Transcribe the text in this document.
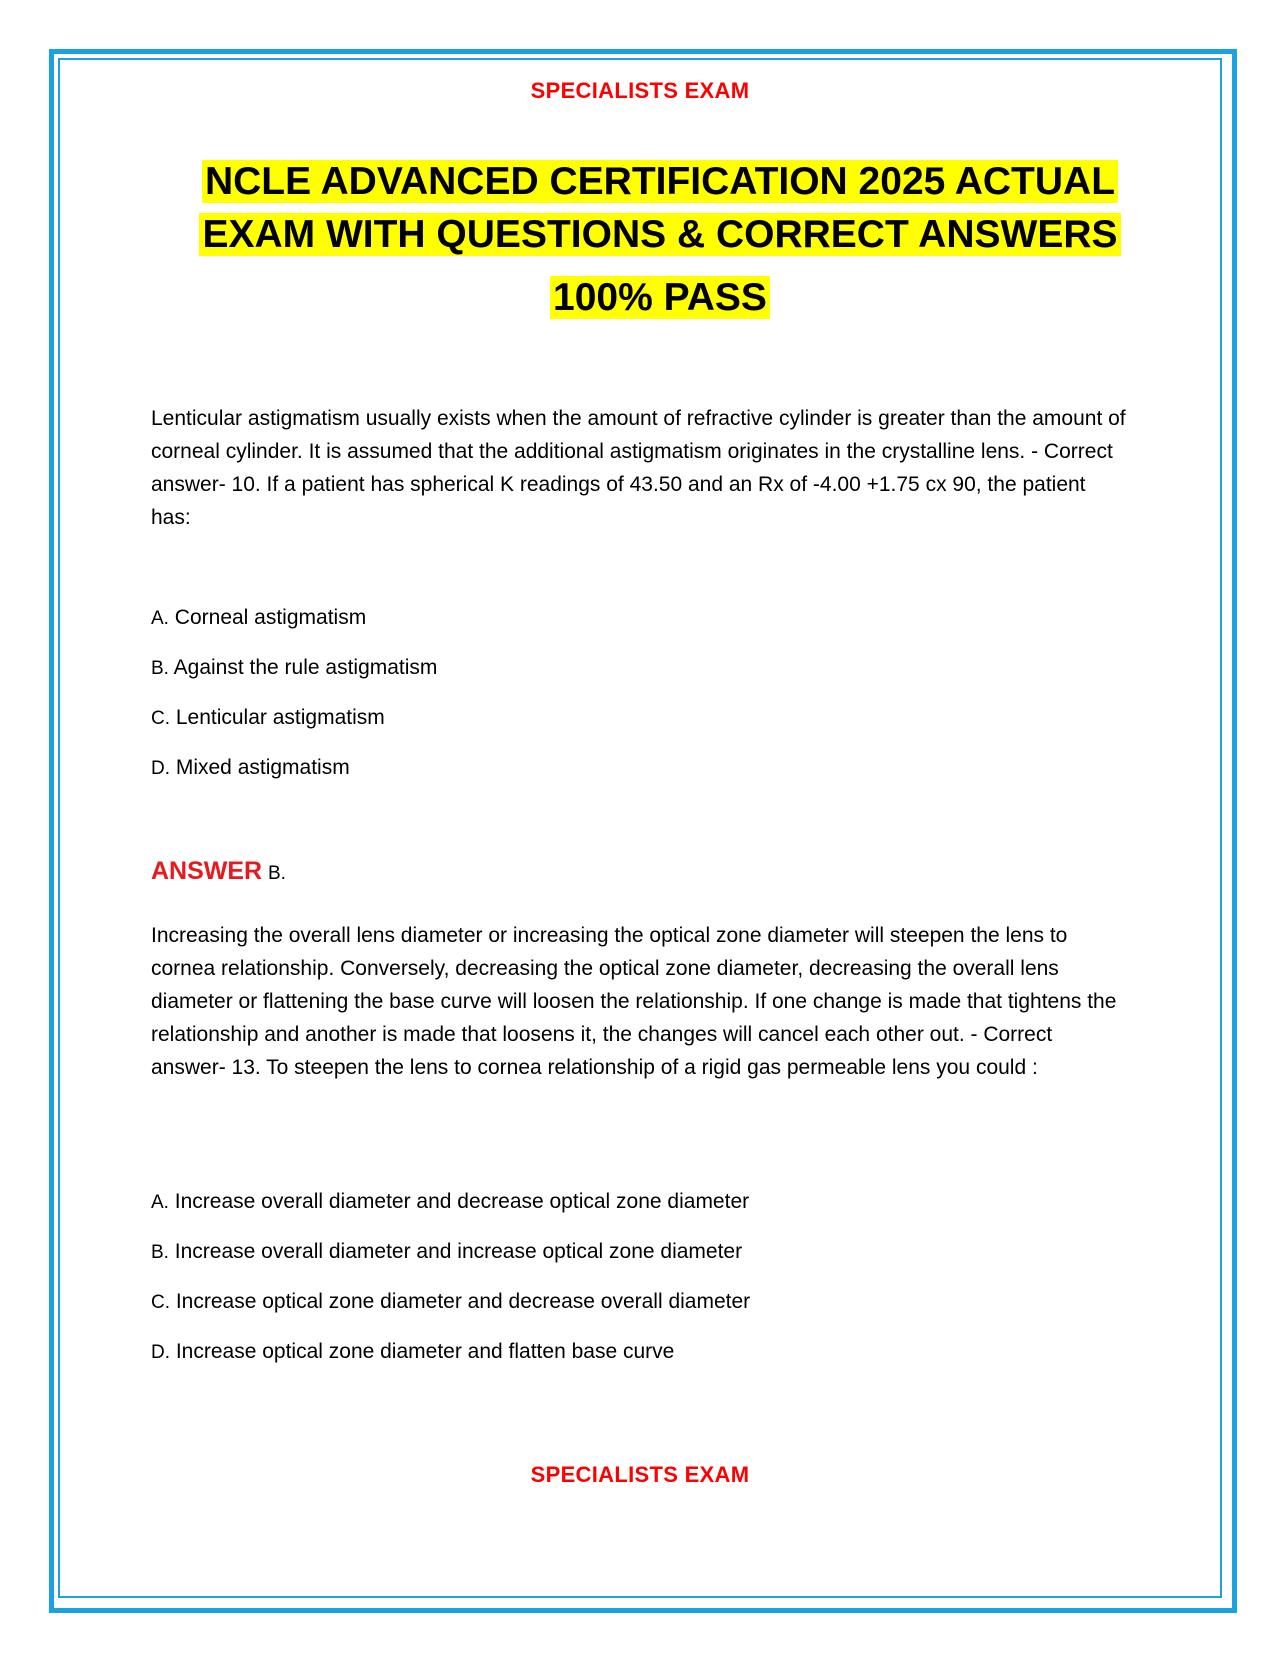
SPECIALISTS EXAM
NCLE ADVANCED CERTIFICATION 2025 ACTUAL
EXAM WITH QUESTIONS & CORRECT ANSWERS
100% PASS

Lenticular astigmatism usually exists when the amount of refractive cylinder is greater than the amount of corneal cylinder. It is assumed that the additional astigmatism originates in the crystalline lens. - Correct answer- 10. If a patient has spherical K readings of 43.50 and an Rx of -4.00 +1.75 cx 90, the patient has:

A. Corneal astigmatism
B. Against the rule astigmatism
C. Lenticular astigmatism
D. Mixed astigmatism
ANSWER B.

Increasing the overall lens diameter or increasing the optical zone diameter will steepen the lens to cornea relationship. Conversely, decreasing the optical zone diameter, decreasing the overall lens diameter or flattening the base curve will loosen the relationship. If one change is made that tightens the relationship and another is made that loosens it, the changes will cancel each other out. - Correct answer- 13. To steepen the lens to cornea relationship of a rigid gas permeable lens you could :

A. Increase overall diameter and decrease optical zone diameter
B. Increase overall diameter and increase optical zone diameter
C. Increase optical zone diameter and decrease overall diameter
D. Increase optical zone diameter and flatten base curve
SPECIALISTS EXAM
